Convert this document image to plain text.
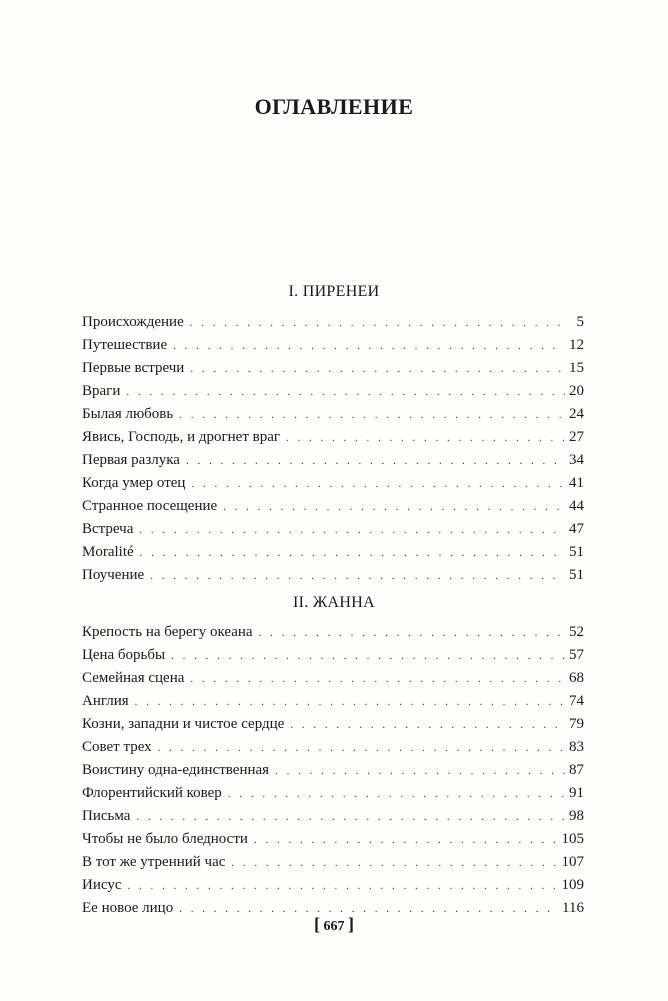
ОГЛАВЛЕНИЕ
I. ПИРЕНЕИ
Происхождение . . .	5
Путешествие . . .	12
Первые встречи . . .	15
Враги . . .	20
Былая любовь . . .	24
Явись, Господь, и дрогнет враг . . .	27
Первая разлука . . .	34
Когда умер отец . . .	41
Странное посещение . . .	44
Встреча . . .	47
Moralité . . .	51
Поучение . . .	51
II. ЖАННА
Крепость на берегу океана . . .	52
Цена борьбы . . .	57
Семейная сцена . . .	68
Англия . . .	74
Козни, западни и чистое сердце . . .	79
Совет трех . . .	83
Воистину одна-единственная . . .	87
Флорентийский ковер . . .	91
Письма . . .	98
Чтобы не было бледности . . .	105
В тот же утренний час . . .	107
Иисус . . .	109
Ее новое лицо . . .	116
[ 667 ]
